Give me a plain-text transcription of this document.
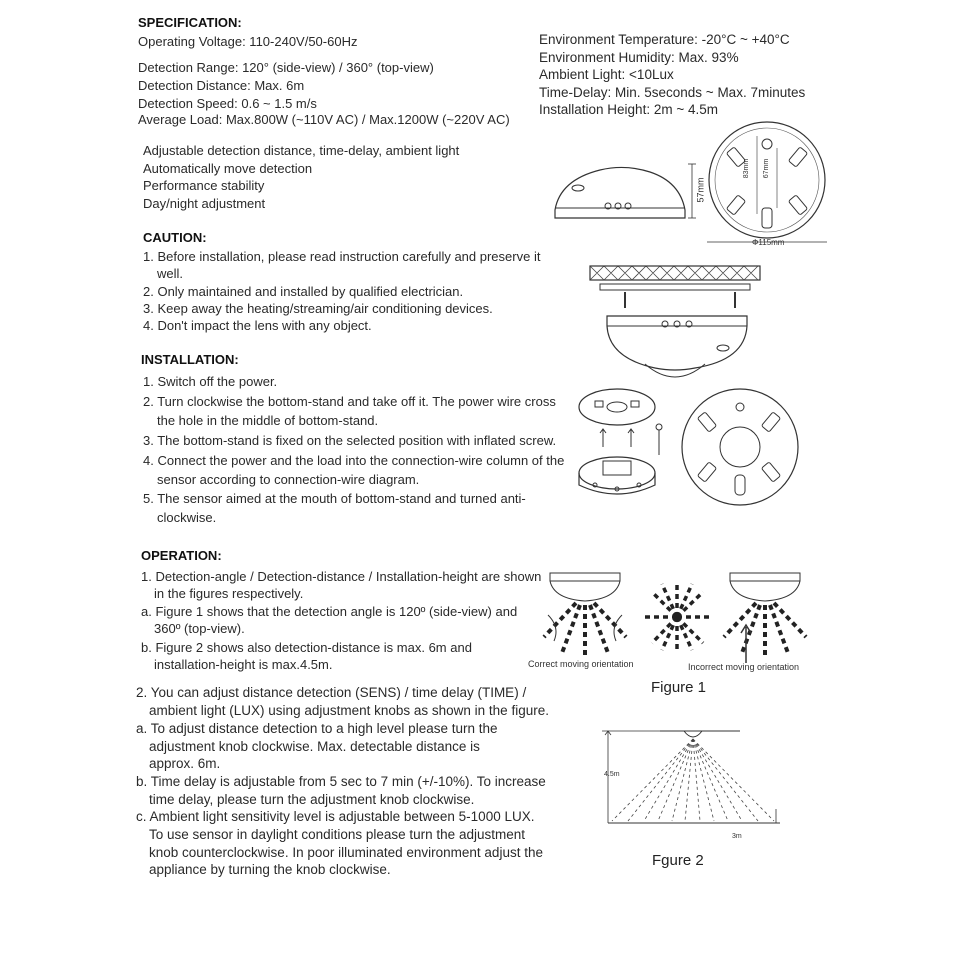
SPECIFICATION:
Operating Voltage: 110-240V/50-60Hz
Detection Range: 120° (side-view) / 360° (top-view)
Detection Distance: Max. 6m
Detection Speed: 0.6 ~ 1.5 m/s
Average Load: Max.800W (~110V AC) / Max.1200W (~220V AC)
Environment Temperature: -20°C ~ +40°C
Environment Humidity: Max. 93%
Ambient Light: <10Lux
Time-Delay: Min. 5seconds ~ Max. 7minutes
Installation Height: 2m ~ 4.5m
Adjustable detection distance, time-delay, ambient light
Automatically move detection
Performance stability
Day/night adjustment
57mm
83mm 67mm
Φ115mm
CAUTION:
1. Before installation, please read instruction carefully and preserve it
well.
2. Only maintained and installed by qualified electrician.
3. Keep away the heating/streaming/air conditioning devices.
4. Don't impact the lens with any object.
INSTALLATION:
1. Switch off the power.
2. Turn clockwise the bottom-stand and take off it. The power wire cross
the hole in the middle of bottom-stand.
3. The bottom-stand is fixed on the selected position with inflated screw.
4. Connect the power and the load into the connection-wire column of the
sensor according to connection-wire diagram.
5. The sensor aimed at the mouth of bottom-stand and turned anti-
clockwise.
OPERATION:
1. Detection-angle / Detection-distance / Installation-height are shown
in the figures respectively.
a. Figure 1 shows that the detection angle is 120º (side-view) and
360º (top-view).
b. Figure 2 shows also detection-distance is max. 6m and
installation-height is max.4.5m.
2. You can adjust distance detection (SENS) / time delay (TIME) /
ambient light (LUX) using adjustment knobs as shown in the figure.
a. To adjust distance detection to a high level please turn the
adjustment knob clockwise. Max. detectable distance is
approx. 6m.
b. Time delay is adjustable from 5 sec to 7 min (+/-10%). To increase
time delay, please turn the adjustment knob clockwise.
c. Ambient light sensitivity level is adjustable between 5-1000 LUX.
To use sensor in daylight conditions please turn the adjustment
knob counterclockwise. In poor illuminated environment adjust the
appliance by turning the knob clockwise.
Correct moving orientation	Incorrect moving orientation
Figure 1
4.5m
3m
Fgure 2
